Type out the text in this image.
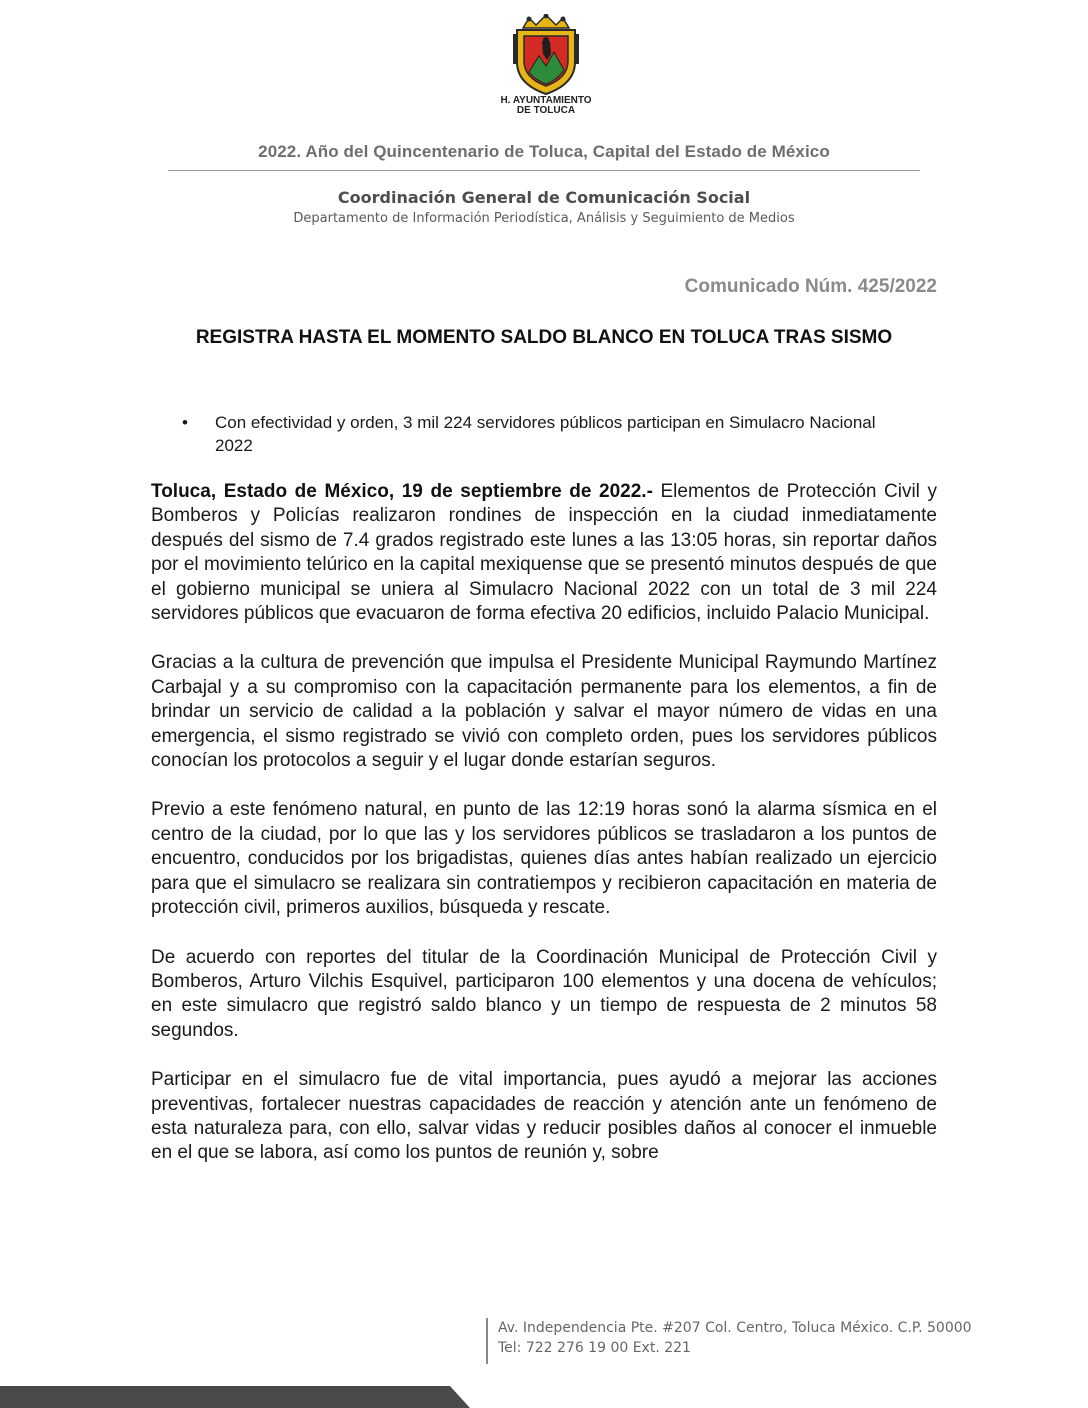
H. AYUNTAMIENTO
DE TOLUCA
2022. Año del Quincentenario de Toluca, Capital del Estado de México
Coordinación General de Comunicación Social
Departamento de Información Periodística, Análisis y Seguimiento de Medios
Comunicado Núm. 425/2022
REGISTRA HASTA EL MOMENTO SALDO BLANCO EN TOLUCA TRAS SISMO
• Con efectividad y orden, 3 mil 224 servidores públicos participan en Simulacro Nacional 2022

Toluca, Estado de México, 19 de septiembre de 2022.- Elementos de Protección Civil y Bomberos y Policías realizaron rondines de inspección en la ciudad inmediatamente después del sismo de 7.4 grados registrado este lunes a las 13:05 horas, sin reportar daños por el movimiento telúrico en la capital mexiquense que se presentó minutos después de que el gobierno municipal se uniera al Simulacro Nacional 2022 con un total de 3 mil 224 servidores públicos que evacuaron de forma efectiva 20 edificios, incluido Palacio Municipal.

Gracias a la cultura de prevención que impulsa el Presidente Municipal Raymundo Martínez Carbajal y a su compromiso con la capacitación permanente para los elementos, a fin de brindar un servicio de calidad a la población y salvar el mayor número de vidas en una emergencia, el sismo registrado se vivió con completo orden, pues los servidores públicos conocían los protocolos a seguir y el lugar donde estarían seguros.

Previo a este fenómeno natural, en punto de las 12:19 horas sonó la alarma sísmica en el centro de la ciudad, por lo que las y los servidores públicos se trasladaron a los puntos de encuentro, conducidos por los brigadistas, quienes días antes habían realizado un ejercicio para que el simulacro se realizara sin contratiempos y recibieron capacitación en materia de protección civil, primeros auxilios, búsqueda y rescate.

De acuerdo con reportes del titular de la Coordinación Municipal de Protección Civil y Bomberos, Arturo Vilchis Esquivel, participaron 100 elementos y una docena de vehículos; en este simulacro que registró saldo blanco y un tiempo de respuesta de 2 minutos 58 segundos.

Participar en el simulacro fue de vital importancia, pues ayudó a mejorar las acciones preventivas, fortalecer nuestras capacidades de reacción y atención ante un fenómeno de esta naturaleza para, con ello, salvar vidas y reducir posibles daños al conocer el inmueble en el que se labora, así como los puntos de reunión y, sobre

Av. Independencia Pte. #207 Col. Centro, Toluca México. C.P. 50000
Tel: 722 276 19 00 Ext. 221
